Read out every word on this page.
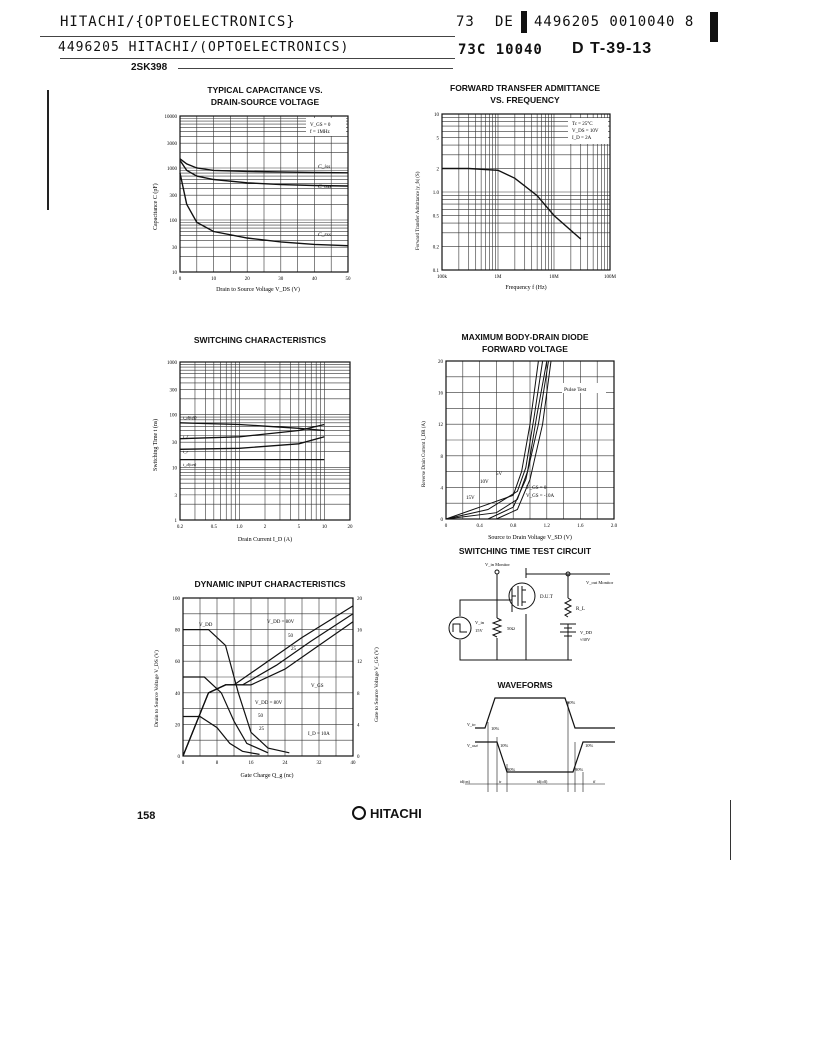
HITACHI/{OPTOELECTRONICS}	73 DE 4496205 0010040 8
4496205 HITACHI/(OPTOELECTRONICS)	73C 10040 D T-39-13
2SK398
TYPICAL CAPACITANCE VS.
DRAIN-SOURCE VOLTAGE
10
30
100
300
1000
3000
10000
0	10	20	30	40	50
V_GS = 0
f = 1MHz
C_iss
C_oss
C_rss
Capacitance C (pF)
Drain to Source Voltage V_DS (V)
FORWARD TRANSFER ADMITTANCE
VS. FREQUENCY
0.1
0.2
0.5
1.0
2
5
10
100k	1M	10M	100M
Tc = 25°C
V_DS = 10V
I_D = 2A
Forward Transfer Admittance |y_fs| (S)
Frequency f (Hz)
SWITCHING CHARACTERISTICS
1
3
10
30
100
300
1000
0.2	0.5	1.0	2	5	10	20
t_d(off)
t_f
t_r
t_d(on)
Switching Time t (ns)
Drain Current I_D (A)
MAXIMUM BODY-DRAIN DIODE
FORWARD VOLTAGE
0
4
8
12
16
20
0	0.4	0.8	1.2	1.6	2.0
Pulse Test
10V
5V
15V
V_GS = 0
V_GS = -10A
Reverse Drain Current I_DR (A)
Source to Drain Voltage V_SD (V)
SWITCHING TIME TEST CIRCUIT
V_in Monitor
V_out Monitor
V_in
15V	50Ω
D.U.T
R_L
V_DD
≈30V
WAVEFORMS
90%
V_in
10%
V_out	10%	10%
90%	90%
td(on)	tr	td(off)	tf
DYNAMIC INPUT CHARACTERISTICS
0
20
40
60
80
100
0
4
8
12
16
20
0	8	16	24	32	40
V_DD
V_DD = 80V
50
25
V_GS
V_DD = 80V
50
25
I_D = 10A
Drain to Source Voltage V_DS (V)	Gate to Source Voltage V_GS (V)
Gate Charge Q_g (nc)
158	HITACHI
